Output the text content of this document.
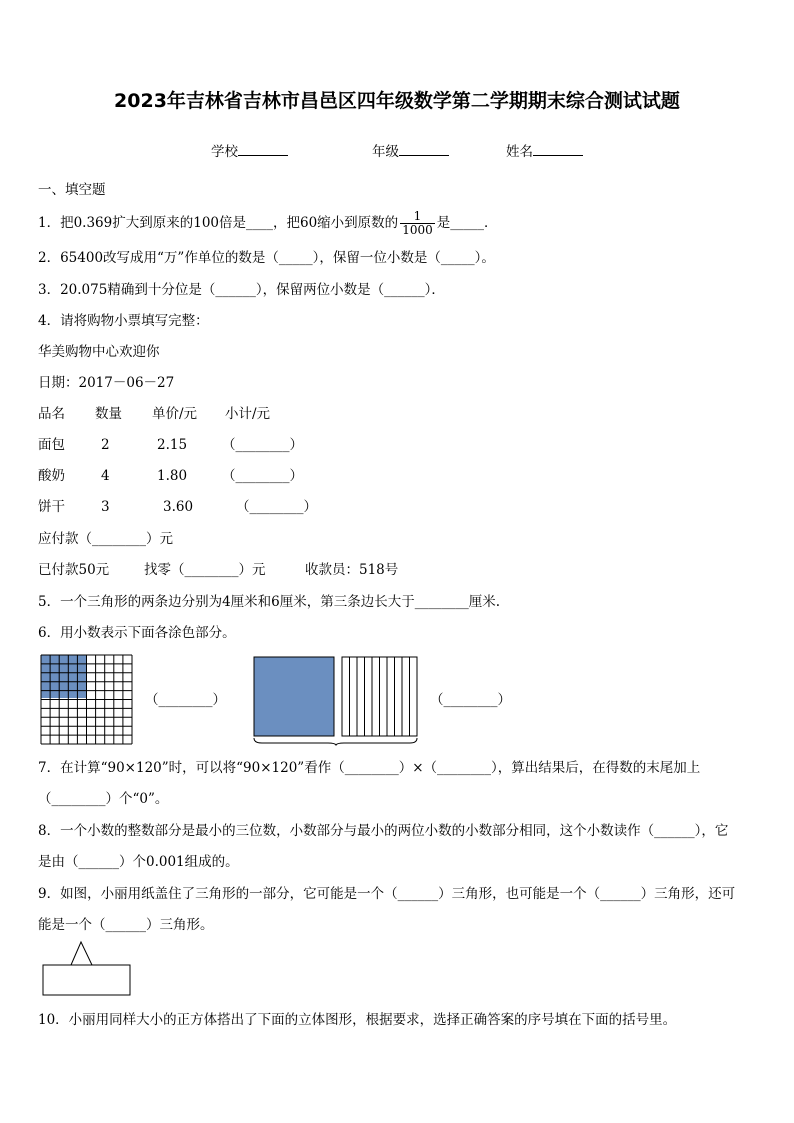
2023年吉林省吉林市昌邑区四年级数学第二学期期末综合测试试题
学校	年级	姓名
一、填空题
1．把0.369扩大到原来的100倍是____，把60缩小到原数的 $\frac{1}{1000}$ 是_____．
2．65400改写成用“万”作单位的数是（_____），保留一位小数是（_____）。
3．20.075精确到十分位是（______），保留两位小数是（______）．
4．请将购物小票填写完整：
华美购物中心欢迎你
日期：2017－06－27
品名 数量 单价/元 小计/元
面包	2	2.15	（________）
酸奶	4	1.80	（________）
饼干	3	3.60	（________）
应付款（________）元
已付款50元	找零（________）元	收款员：518号
5．一个三角形的两条边分别为4厘米和6厘米，第三条边长大于________厘米.
6．用小数表示下面各涂色部分。
（________）	（________）
7．在计算“90×120”时，可以将“90×120”看作（________）×（________），算出结果后，在得数的末尾加上
（________）个“0”。
8．一个小数的整数部分是最小的三位数，小数部分与最小的两位小数的小数部分相同，这个小数读作（______），它
是由（______）个0.001组成的。
9．如图，小丽用纸盖住了三角形的一部分，它可能是一个（______）三角形，也可能是一个（______）三角形，还可
能是一个（______）三角形。
10．小丽用同样大小的正方体搭出了下面的立体图形，根据要求，选择正确答案的序号填在下面的括号里。
